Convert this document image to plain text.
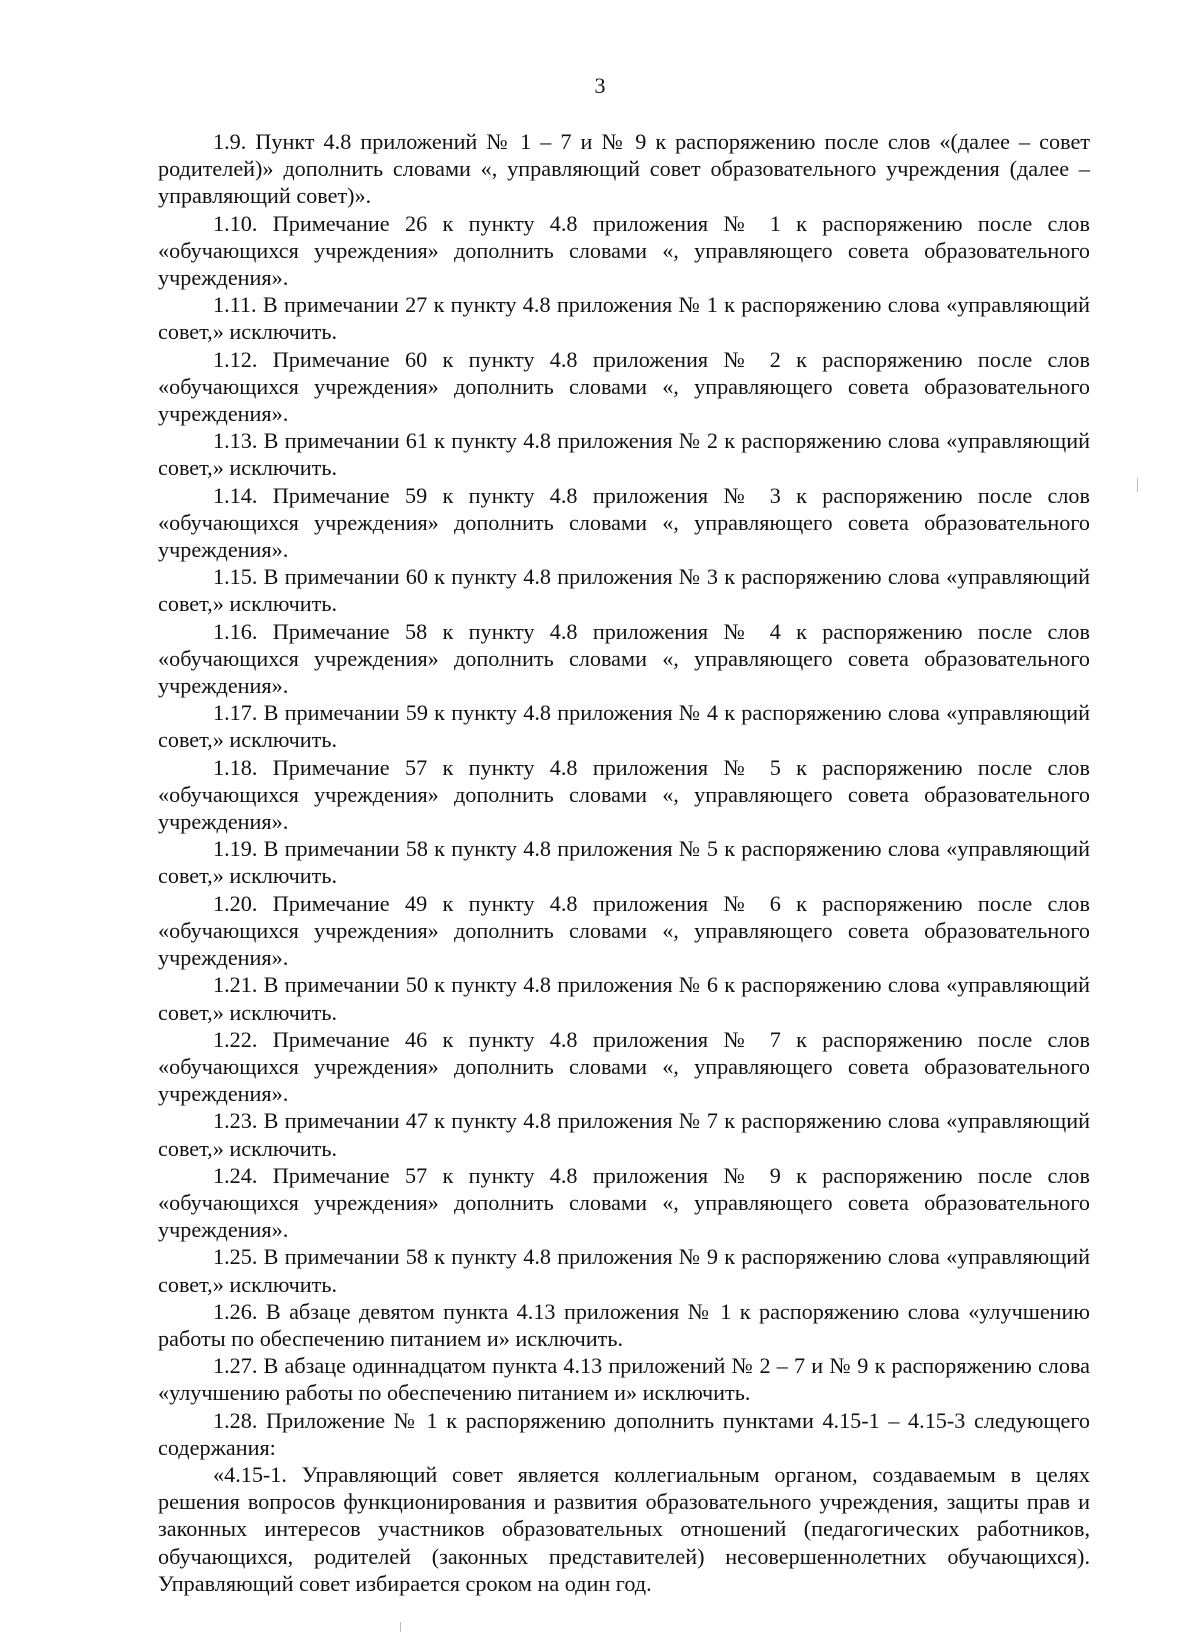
3

1.9. Пункт 4.8 приложений № 1 – 7 и № 9 к распоряжению после слов «(далее – совет родителей)» дополнить словами «, управляющий совет образовательного учреждения (далее – управляющий совет)».

1.10. Примечание 26 к пункту 4.8 приложения № 1 к распоряжению после слов «обучающихся учреждения» дополнить словами «, управляющего совета образовательного учреждения».

1.11. В примечании 27 к пункту 4.8 приложения № 1 к распоряжению слова «управляющий совет,» исключить.

1.12. Примечание 60 к пункту 4.8 приложения № 2 к распоряжению после слов «обучающихся учреждения» дополнить словами «, управляющего совета образовательного учреждения».

1.13. В примечании 61 к пункту 4.8 приложения № 2 к распоряжению слова «управляющий совет,» исключить.

1.14. Примечание 59 к пункту 4.8 приложения № 3 к распоряжению после слов «обучающихся учреждения» дополнить словами «, управляющего совета образовательного учреждения».

1.15. В примечании 60 к пункту 4.8 приложения № 3 к распоряжению слова «управляющий совет,» исключить.

1.16. Примечание 58 к пункту 4.8 приложения № 4 к распоряжению после слов «обучающихся учреждения» дополнить словами «, управляющего совета образовательного учреждения».

1.17. В примечании 59 к пункту 4.8 приложения № 4 к распоряжению слова «управляющий совет,» исключить.

1.18. Примечание 57 к пункту 4.8 приложения № 5 к распоряжению после слов «обучающихся учреждения» дополнить словами «, управляющего совета образовательного учреждения».

1.19. В примечании 58 к пункту 4.8 приложения № 5 к распоряжению слова «управляющий совет,» исключить.

1.20. Примечание 49 к пункту 4.8 приложения № 6 к распоряжению после слов «обучающихся учреждения» дополнить словами «, управляющего совета образовательного учреждения».

1.21. В примечании 50 к пункту 4.8 приложения № 6 к распоряжению слова «управляющий совет,» исключить.

1.22. Примечание 46 к пункту 4.8 приложения № 7 к распоряжению после слов «обучающихся учреждения» дополнить словами «, управляющего совета образовательного учреждения».

1.23. В примечании 47 к пункту 4.8 приложения № 7 к распоряжению слова «управляющий совет,» исключить.

1.24. Примечание 57 к пункту 4.8 приложения № 9 к распоряжению после слов «обучающихся учреждения» дополнить словами «, управляющего совета образовательного учреждения».

1.25. В примечании 58 к пункту 4.8 приложения № 9 к распоряжению слова «управляющий совет,» исключить.

1.26. В абзаце девятом пункта 4.13 приложения № 1 к распоряжению слова «улучшению работы по обеспечению питанием и» исключить.

1.27. В абзаце одиннадцатом пункта 4.13 приложений № 2 – 7 и № 9 к распоряжению слова «улучшению работы по обеспечению питанием и» исключить.

1.28. Приложение № 1 к распоряжению дополнить пунктами 4.15-1 – 4.15-3 следующего содержания:

«4.15-1. Управляющий совет является коллегиальным органом, создаваемым в целях решения вопросов функционирования и развития образовательного учреждения, защиты прав и законных интересов участников образовательных отношений (педагогических работников, обучающихся, родителей (законных представителей) несовершеннолетних обучающихся). Управляющий совет избирается сроком на один год.
